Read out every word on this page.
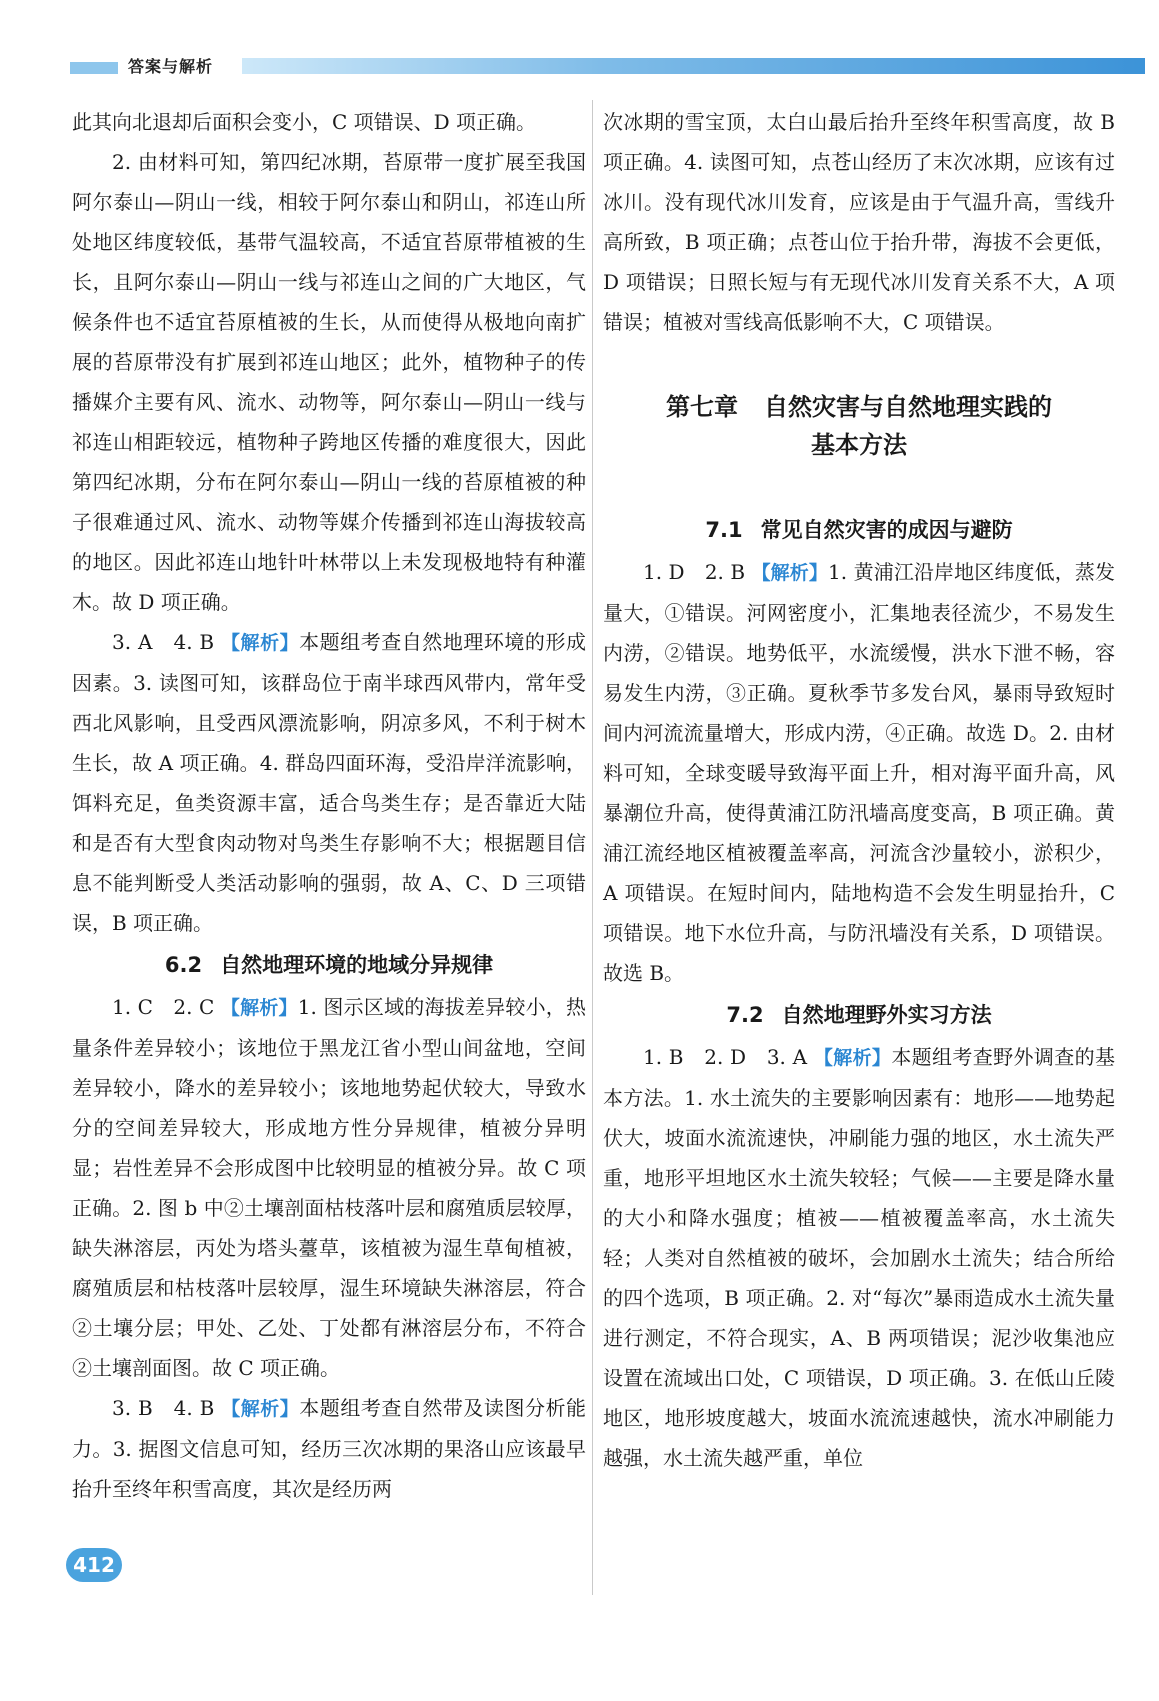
答案与解析

此其向北退却后面积会变小，C 项错误、D 项正确。

2. 由材料可知，第四纪冰期，苔原带一度扩展至我国阿尔泰山—阴山一线，相较于阿尔泰山和阴山，祁连山所处地区纬度较低，基带气温较高，不适宜苔原带植被的生长，且阿尔泰山—阴山一线与祁连山之间的广大地区，气候条件也不适宜苔原植被的生长，从而使得从极地向南扩展的苔原带没有扩展到祁连山地区；此外，植物种子的传播媒介主要有风、流水、动物等，阿尔泰山—阴山一线与祁连山相距较远，植物种子跨地区传播的难度很大，因此第四纪冰期，分布在阿尔泰山—阴山一线的苔原植被的种子很难通过风、流水、动物等媒介传播到祁连山海拔较高的地区。因此祁连山地针叶林带以上未发现极地特有种灌木。故 D 项正确。

3. A　4. B 【解析】本题组考查自然地理环境的形成因素。3. 读图可知，该群岛位于南半球西风带内，常年受西北风影响，且受西风漂流影响，阴凉多风，不利于树木生长，故 A 项正确。4. 群岛四面环海，受沿岸洋流影响，饵料充足，鱼类资源丰富，适合鸟类生存；是否靠近大陆和是否有大型食肉动物对鸟类生存影响不大；根据题目信息不能判断受人类活动影响的强弱，故 A、C、D 三项错误，B 项正确。

6.2 自然地理环境的地域分异规律

1. C　2. C 【解析】1. 图示区域的海拔差异较小，热量条件差异较小；该地位于黑龙江省小型山间盆地，空间差异较小，降水的差异较小；该地地势起伏较大，导致水分的空间差异较大，形成地方性分异规律，植被分异明显；岩性差异不会形成图中比较明显的植被分异。故 C 项正确。2. 图 b 中②土壤剖面枯枝落叶层和腐殖质层较厚，缺失淋溶层，丙处为塔头薹草，该植被为湿生草甸植被，腐殖质层和枯枝落叶层较厚，湿生环境缺失淋溶层，符合②土壤分层；甲处、乙处、丁处都有淋溶层分布，不符合②土壤剖面图。故 C 项正确。

3. B　4. B 【解析】本题组考查自然带及读图分析能力。3. 据图文信息可知，经历三次冰期的果洛山应该最早抬升至终年积雪高度，其次是经历两

次冰期的雪宝顶，太白山最后抬升至终年积雪高度，故 B 项正确。4. 读图可知，点苍山经历了末次冰期，应该有过冰川。没有现代冰川发育，应该是由于气温升高，雪线升高所致，B 项正确；点苍山位于抬升带，海拔不会更低，D 项错误；日照长短与有无现代冰川发育关系不大，A 项错误；植被对雪线高低影响不大，C 项错误。

第七章 自然灾害与自然地理实践的
基本方法

7.1 常见自然灾害的成因与避防

1. D　2. B 【解析】1. 黄浦江沿岸地区纬度低，蒸发量大，①错误。河网密度小，汇集地表径流少，不易发生内涝，②错误。地势低平，水流缓慢，洪水下泄不畅，容易发生内涝，③正确。夏秋季节多发台风，暴雨导致短时间内河流流量增大，形成内涝，④正确。故选 D。2. 由材料可知，全球变暖导致海平面上升，相对海平面升高，风暴潮位升高，使得黄浦江防汛墙高度变高，B 项正确。黄浦江流经地区植被覆盖率高，河流含沙量较小，淤积少，A 项错误。在短时间内，陆地构造不会发生明显抬升，C 项错误。地下水位升高，与防汛墙没有关系，D 项错误。故选 B。

7.2 自然地理野外实习方法

1. B　2. D　3. A 【解析】本题组考查野外调查的基本方法。1. 水土流失的主要影响因素有：地形——地势起伏大，坡面水流流速快，冲刷能力强的地区，水土流失严重，地形平坦地区水土流失较轻；气候——主要是降水量的大小和降水强度；植被——植被覆盖率高，水土流失轻；人类对自然植被的破坏，会加剧水土流失；结合所给的四个选项，B 项正确。2. 对“每次”暴雨造成水土流失量进行测定，不符合现实，A、B 两项错误；泥沙收集池应设置在流域出口处，C 项错误，D 项正确。3. 在低山丘陵地区，地形坡度越大，坡面水流流速越快，流水冲刷能力越强，水土流失越严重，单位

412
